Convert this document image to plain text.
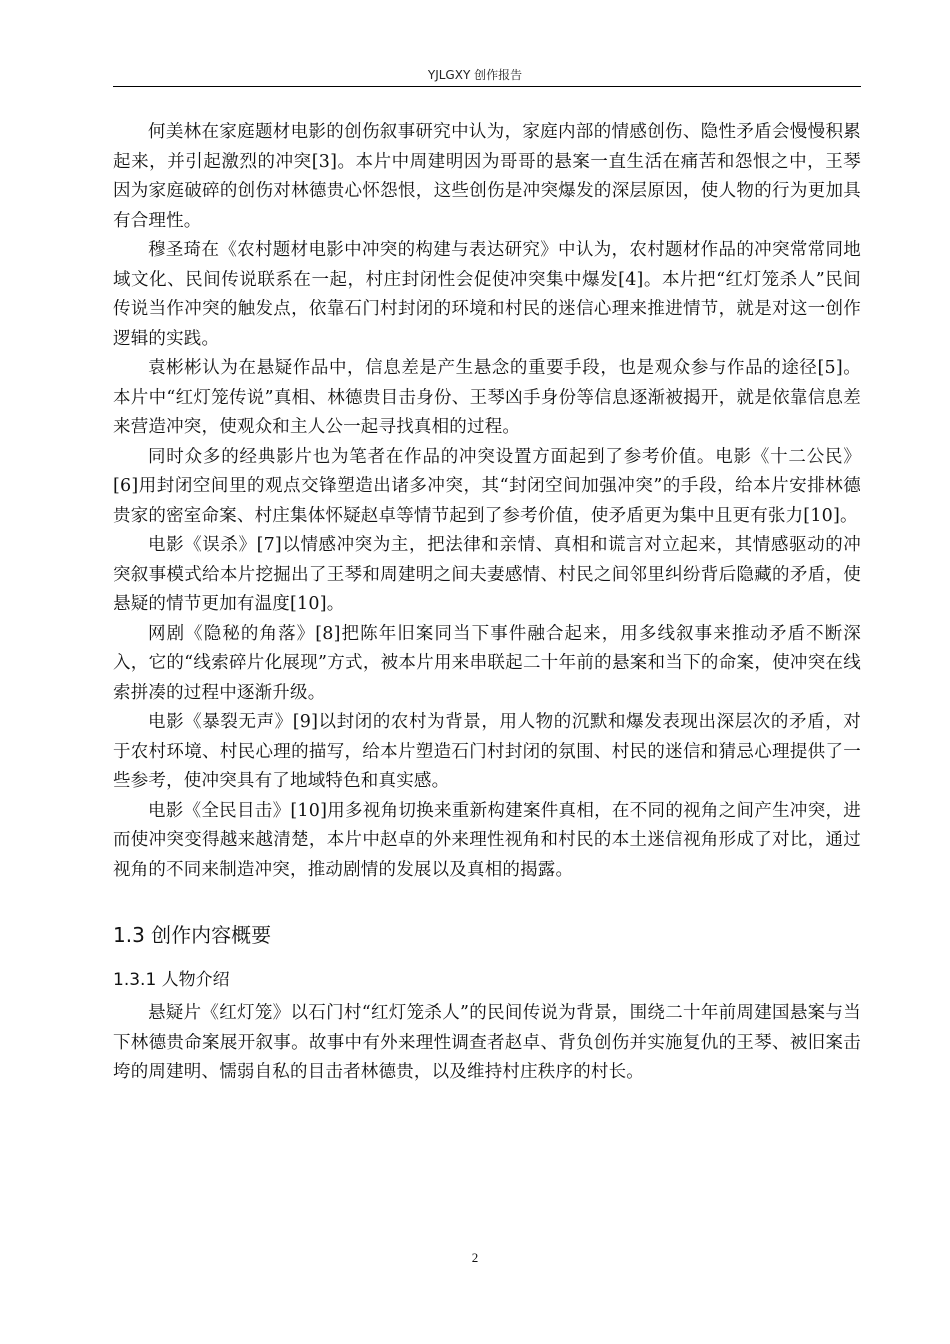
YJLGXY 创作报告

何美林在家庭题材电影的创伤叙事研究中认为，家庭内部的情感创伤、隐性矛盾会慢慢积累起来，并引起激烈的冲突[3]。本片中周建明因为哥哥的悬案一直生活在痛苦和怨恨之中，王琴因为家庭破碎的创伤对林德贵心怀怨恨，这些创伤是冲突爆发的深层原因，使人物的行为更加具有合理性。

穆圣琦在《农村题材电影中冲突的构建与表达研究》中认为，农村题材作品的冲突常常同地域文化、民间传说联系在一起，村庄封闭性会促使冲突集中爆发[4]。本片把“红灯笼杀人”民间传说当作冲突的触发点，依靠石门村封闭的环境和村民的迷信心理来推进情节，就是对这一创作逻辑的实践。

袁彬彬认为在悬疑作品中，信息差是产生悬念的重要手段，也是观众参与作品的途径[5]。本片中“红灯笼传说”真相、林德贵目击身份、王琴凶手身份等信息逐渐被揭开，就是依靠信息差来营造冲突，使观众和主人公一起寻找真相的过程。

同时众多的经典影片也为笔者在作品的冲突设置方面起到了参考价值。电影《十二公民》[6]用封闭空间里的观点交锋塑造出诸多冲突，其“封闭空间加强冲突”的手段，给本片安排林德贵家的密室命案、村庄集体怀疑赵卓等情节起到了参考价值，使矛盾更为集中且更有张力[10]。

电影《误杀》[7]以情感冲突为主，把法律和亲情、真相和谎言对立起来，其情感驱动的冲突叙事模式给本片挖掘出了王琴和周建明之间夫妻感情、村民之间邻里纠纷背后隐藏的矛盾，使悬疑的情节更加有温度[10]。

网剧《隐秘的角落》[8]把陈年旧案同当下事件融合起来，用多线叙事来推动矛盾不断深入，它的“线索碎片化展现”方式，被本片用来串联起二十年前的悬案和当下的命案，使冲突在线索拼凑的过程中逐渐升级。

电影《暴裂无声》[9]以封闭的农村为背景，用人物的沉默和爆发表现出深层次的矛盾，对于农村环境、村民心理的描写，给本片塑造石门村封闭的氛围、村民的迷信和猜忌心理提供了一些参考，使冲突具有了地域特色和真实感。

电影《全民目击》[10]用多视角切换来重新构建案件真相，在不同的视角之间产生冲突，进而使冲突变得越来越清楚，本片中赵卓的外来理性视角和村民的本土迷信视角形成了对比，通过视角的不同来制造冲突，推动剧情的发展以及真相的揭露。

1.3 创作内容概要
1.3.1 人物介绍

悬疑片《红灯笼》以石门村“红灯笼杀人”的民间传说为背景，围绕二十年前周建国悬案与当下林德贵命案展开叙事。故事中有外来理性调查者赵卓、背负创伤并实施复仇的王琴、被旧案击垮的周建明、懦弱自私的目击者林德贵，以及维持村庄秩序的村长。

2
